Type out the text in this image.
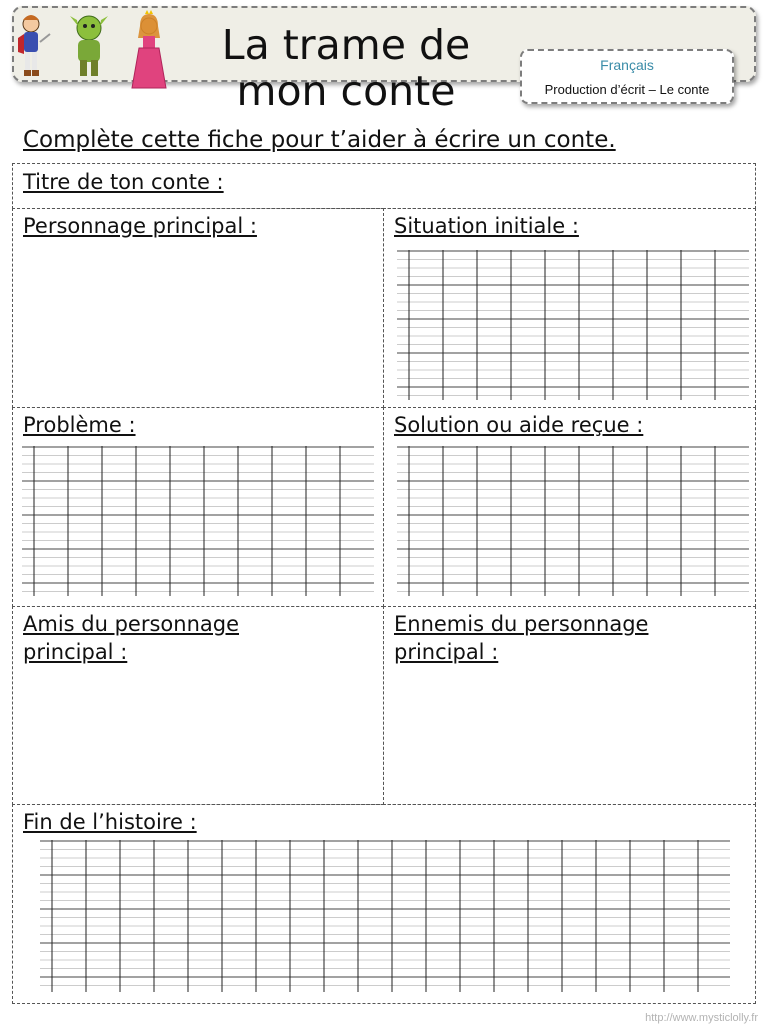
La trame de
mon conte
Français
Production d’écrit – Le conte
Complète cette fiche pour t’aider à écrire un conte.
Titre de ton conte :
Personnage principal :	Situation initiale :
Problème :	Solution ou aide reçue :
Amis du personnage
principal :
Ennemis du personnage
principal :
Fin de l’histoire :
http://www.mysticlolly.fr
